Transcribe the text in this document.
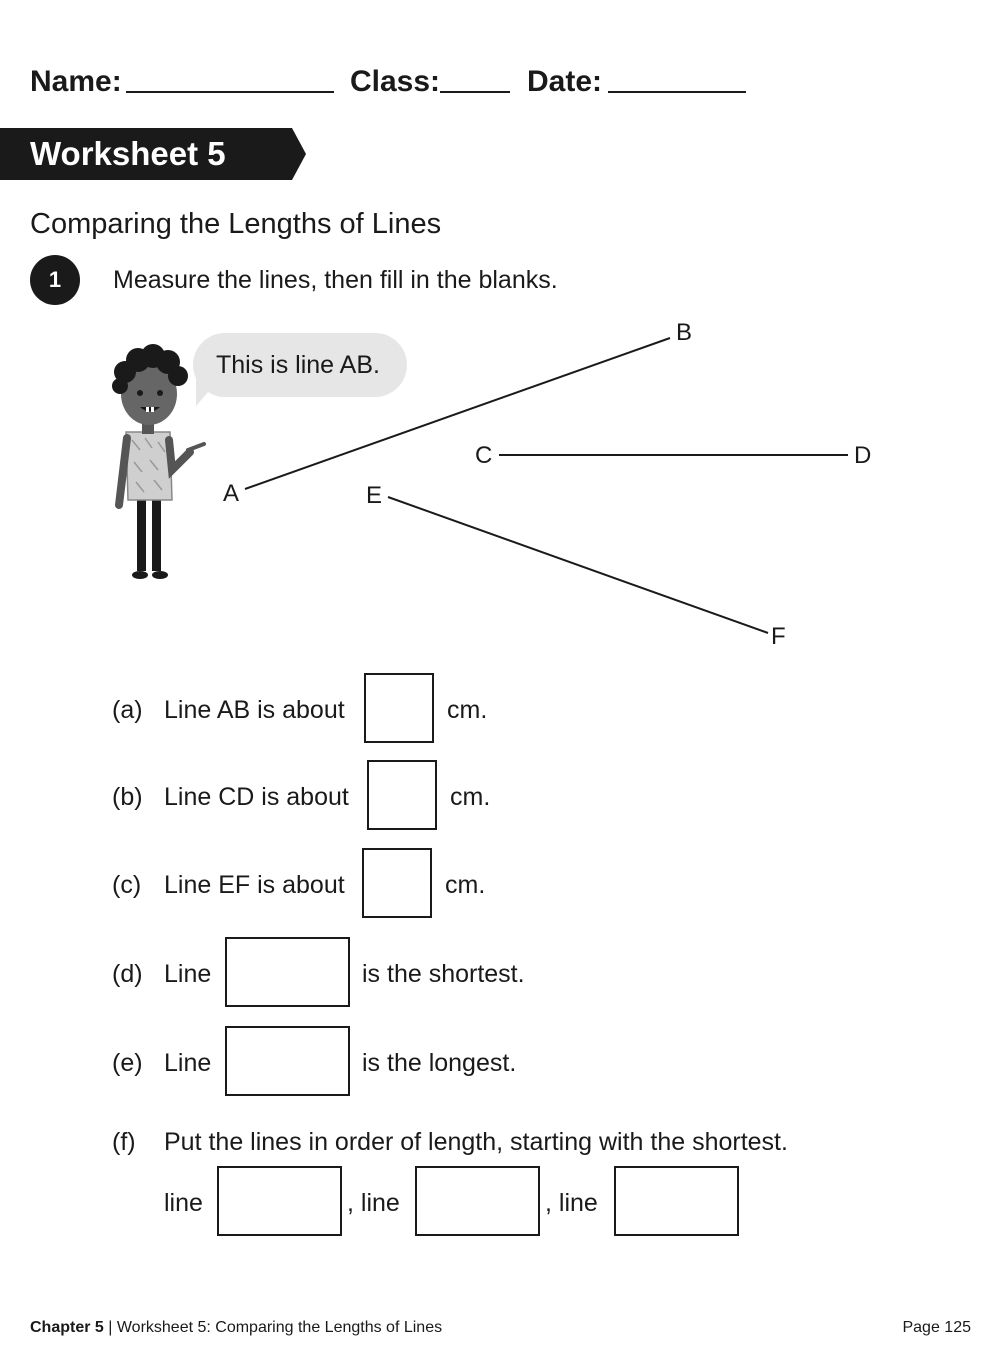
Name:	Class:	Date:
Worksheet 5
Comparing the Lengths of Lines
1 Measure the lines, then fill in the blanks.
This is line AB.
A
B
C	D
E
F
(a) Line AB is about	cm.
(b) Line CD is about	cm.
(c) Line EF is about	cm.
(d) Line	is the shortest.
(e) Line	is the longest.
(f) Put the lines in order of length, starting with the shortest.
line	, line	, line
Chapter 5 | Worksheet 5: Comparing the Lengths of Lines	Page 125
